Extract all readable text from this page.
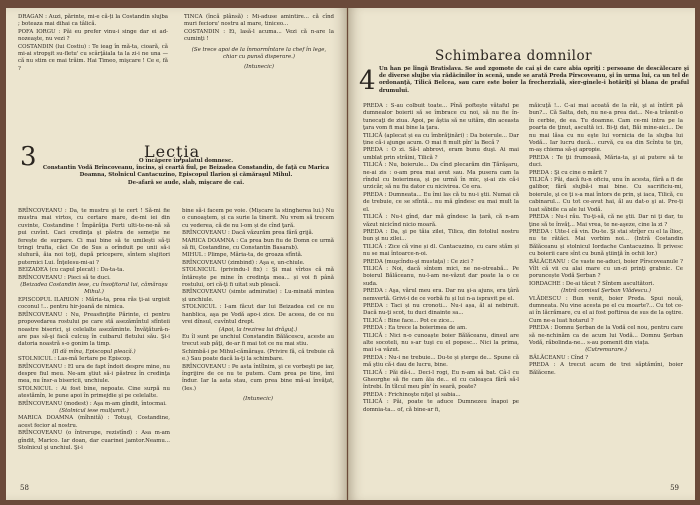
DRAGAN : Auzi, părinte, mi-e că-ți la Costandin slujba ; boteaza mai dihai ca tâlică.

POFA IORGU : Păi eu prefer vinu-i singe dar ei ad-nozeaşte, nu vezi ?

COSTANDIN (lui Costiu) : Te ieag în mă-ta, cioară, cã mi-ai stropşit su-fletu' cu scârţâiala ta la zi-i ne una — că nu stim ce mai trăim. Hai Timeo, mişcare ! Ce e, fă ?

TINCA (încă plânsă) : Mi-aduse amintire... că cînd muri fecioru' nostru al mare, tiniceo...

COSTANDIN : Ei, lasă-l acuma... Vezi că n-are la cuminţi !

(Se trece apoi de la înmormîntare la chef în lege, chiar cu punsă disperare.)

(Intunecic)

Lecţia
3	O încăpere în palatul domnesc.

Constantin Vodă Brîncoveanu, încins, şi ceartă fiul, pe Beizadea Constandin, de faţă cu Marica Doamna, Stolnicul Cantacuzino, Episcopul Ilarion şi cămăraşul Mihul.

De-afară se aude, slab, mişcare de cai.

BRÎNCOVEANU : Da, te mustru şi te cert ! Să-mi fie mustra mai virtos, cu certare mare, de-mi iei din cuvinte, Costandine ! Împărăţia Ferti ulti-te-ne-nă să pui cuvînt. Caci credinţa şi păstra de semeţie ne ferește de surpare. Ci mai bine să te umilești să-ţi tringi trufia, căci Ce de Sus a orînduit pe unii să-i sluhură, ăia noi toţi, după pricepere, sîntem slujitori puternici Lui. Înţelesu-mi-ai ?

BEIZADEA (cu capul plecat) : Da-ta-ta.

BRÎNCOVEANU : Pieci să te duci.

(Beizadea Costandin iese, cu însoţitorul lui, cămăraşu Mihul.)

EPISCOPUL ILARION : Măria-ta, prea răs ţi-ai urgisit coconul !... pentru hir-joană de nimica.

BRÎNCOVEANU : Nu, Preasfinţite Părinte, ci pentru propovedarea rostului pe care stă asezămîntul sfînteii noastre biserici, şi celelalte asezăminte. Învăţătură-n-are pas să-şi facă culcuş în cuibarul fletului său. Şi-i datoria noastră s-o gonim la timp.

(Il dă mîna, Episcopul pleacă.)

STOLNICUL : Las-mă Iertare pe Episcop.

BRÎNCOVEANU : El ura de fapt îndoit despre mine, nu despre fiul meu. Ne-am ştiut să-i păstrez în credinţa mea, nu însr-a bisericii, unchiule.

STOLNICUL : Ai fost bine, nepoate. Cine surpă nu atestămîn, le pune apoi în primejdie şi pe celelalte.

BRÎNCOVEANU (modest) : Aşa m-am gîndit, întocmai.

(Stolnicul iese mulțumit.)

MARICA DOAMNA (mîhnită) : Totuşi, Costandine, acest fecior al nostru.

BRÎNCOVEANU (o întrerupe, rezistînd) : Asa m-am gîndit, Marico. Iar doan, dar cuarinei jamtor.Neamu... Stolnicul şi unchiul. Şi-i

bine să-i facem pe voie. (Mișcare la stingherea lui.) Nu o cunoaştem, și ca surie la tinerit. Nu vrem să trecem cu vederea, că de nu l-om și de cînd ţară.

BRÎNCOVEANU : Dacă văzurăm prea fără grijă.

MARICA DOAMNA : Ca prea bun fiu de Domn ce urmă să fii, Costandine, cu Constantin Basarab).

MIHUL : Plimpe, Măria-ta, de groaza sfîntă.

BRÎNCOVEANU (zimbind) : Aşa e, un-chiule.

STOLNICUL (privindu-l fix) : Şi mai vîrtos că mă întărește pe mine în credinţa mea... și voi fi până rostului, ori că-ţi fi uitat sub pleacă.

BRÎNCOVEANU (simte admiratie) : Lu-minată mintea și unchiule.

STOLNICUL : I-am făcut dar lui Beizadea cel ce nu hanblica, aşa pe Vodă apo-i zice. De aceea, de ce nu vrei dînsul, cuvîntul drept.

(Apoi, la trezirea lui drăguţ.)

Eu îl sunt pe unchiul Constandin Bălăcescu, aceste au trecut sub păţi, de-ar fi mai tot ce nu mai stiu.

Schimbă-i pe Mihul-cămăraşu. (Privire fă, că trebuie că e.) Sau poate dacă la-ţi la schimbare.

BRÎNCOVEANU : Pe asta întîlnim, şi ce vorbeşti pe iar, îngrijire de ce nu te putem. Cum prea pe tine, îmi îndur. Iar la asta stau, cum prea bine mă-ai învăţat, (Ies.)

(Intunecic)

58
Schimbarea domnilor
4 Un han pe lîngă Bratislava. Se aud zgomote de cai şi de care abia opriţi : persoane de descălecare şi de diverse slujbe via rădăcinilor în scenă, unde se arată Preda Pîrscoveanu, şi în urma lui, ca un tel de ordonanţă, Tilică Belcea, sau care este boier la frecherzială, sîer-ginele-i hotărîţi și blana de praful drumului.

PREDA : S-au colbuit toate... Pînă poftește vătaful pe dumnealor boierii să se îmbrace cu noi, să nu fie în-tunecaţi de ziua. Apoi, pe ăștia să ne uităm, din aceasta ţara vom fi mai bine la ţara.

TILICĂ (aplecat și ea cu îmbrăţinări) : Da boierule... Dar ține că-i ajunge acum. O mai fi mult pîn' la Becă ?

PREDA : O zi. Să-l abbrovi, eram bunu duşi. Ai mai umblat prin străini, Tilică ?

TILICĂ : Nu, boierule... Da cînd plecarăm din Țărăşaru, ne-ai zis : o-am prea mai avut sau. Ma pusera cam la rîndul cu boierimea, și pe urmă în mic, și-ai zis că-i urzicăr, să nu fiu dator cu nicivirea. Ce era.

PREDA : Dumneata... Eu îmi las că tu nu-i ştii. Numai că de trebuie, ce se sfîntă... nu mă gîndesc eu mai mult la el.

TILICĂ : Nu-i gînd, dar mă gîndesc la țară, că n-am văzut nicicînd nicio moară.

PREDA : Da, şi pe tăia zilei, Tilica, din fotoliul nostru bun şi nu zilei...

TILICĂ : Zice că vine și dl. Cantacuzino, cu care stăm și nu se mai întoarce-n-oi.

PREDA (muşcîndu-şi mustaţa) : Ce zici ?

TILICĂ : Noi, dacă sîntem mici, ne ne-otreabă... Pe boierul Bălăceanu, nu-l-am ne-văzut dar poate la o ce suda.

PREDA : Aşa, vărul meu era. Dar nu şi-a ajuns, era ţâră nemvertă. Grivi-i de ce vorbă fu și lui n-a ispravit pe el.

PREDA : Taci și nu cronoti... Nu-i așa, ăl ai nebiruit. Dacă nu-ţi scot, tu duci dinainte sa...

TILICĂ : Bine face... Pot ce zice...

PREDA : Ea trece la boierimea de am.

TILICĂ : Nici n-o cunoaște boier Bălăceanu, dinsul are alte socoteli, nu s-ar tuşi cu el popesc... Nici la prima, mai i-a văzut.

PREDA : Nu-i ne trebuie... Du-te și șterge de... Spune că mă ştiu că-i dau de lucru, bine.

TILICĂ : Păi dă-i... Deci-l rogi, Eu n-am să bat. Câ-l cu Gheorghe să fie cam ăla de... el cu caleaşca fără să-l întrebi. În tîlcul meu pîn' în seară, poate?

PREDA : Frichinoşte niţel şi sabia...

TILICĂ : Păi, poate te aduce Dumnezeu înapoi pe domnia-ta... of, că bine-ar fi,

măicuţă !... C-ai mai acoată de la răi, şi ai întîrit pă bun?... Că Salta, deh, nu ne-a prea dat... Ne-a trăsnit-o în cerbie, de ea. Tu doamne. Cam ce-mi intra pe la poarta de ţinut, ascultă ici. Bi-ţi dat, Băi mine-aici... De nu mai lăsa cu nu eşte lui vornicia de la slujba lui Vodă... Iar lucru ducă... curvă, cu ea din Scîntu te ţin, m-aș chiema să-şi apropie.

PREDA : Te ţii frumoasă, Măria-ta, şi ai putere să te duci.

PREDA : Şi cu cine o mărit ?

TILICĂ : Păi, dacă fu-n oficiu, unu în acesta, fără a fi de galibor, fără slujbă-i mai bine. Cu sacrificiu-mi, boierule, şi ce ţi s-a mai întors de prin, şi iaca, Tilică, cu cabinarul... Cu tot ce-avut hai, ăl au dat-o şi ai. Pre-ți luat săbiile ca ale lui Vodă.

PREDA : Nu-i rău. Tu-ţi-să, că ne ştii. Dar ni ţi dar, tu ţine să te învăţ... Mai vrea, te ne-aşeze, cine la zi ?

PREDA : Uite-l că vin. Du-te. Şi stai strîjer cu el la îlioc, nu te rătăci. Mai vorbim noi... (Intră Costandin Bălăceanu și stolnicul Iordache Cantacuzino. Îl privesc cu boierii care sînt cu bună ştiinţă în ochii lor.)

BĂLĂCEANU : Ce vaste ne-aduci, boier Pîrscoveanule ? Vîlt că vii cu alai mare cu un-zi prinţi grabnic. Ce poruncește Vodă Șerban ?

IORDACHE : De-ai tăcut ? Sîntem ascultători.

(Intră comisul Șerban Vlădescu.)

VLĂDESCU : Bun venit, boier Preda. Spui nouă, dumneata. Nu vine acesta pe el cu moarte?... Cu tot ce-ai în lăcrămare, cu el ai fost poftirea de sus de la oştire. Cum ne-a luat hotarul ?

PREDA : Domnu Șerban de la Vodă cel nou, pentru care să ne-nchinăm ca de acum lui Vodă... Domnu Şerban Vodă, răbolinda-ne... s-au pomenit din viața.

(Cutremurare.)

BĂLĂCEANU : Cînd ?

PREDA : A trecut acum de trei săptămîni, boier Bălăcene.

59
